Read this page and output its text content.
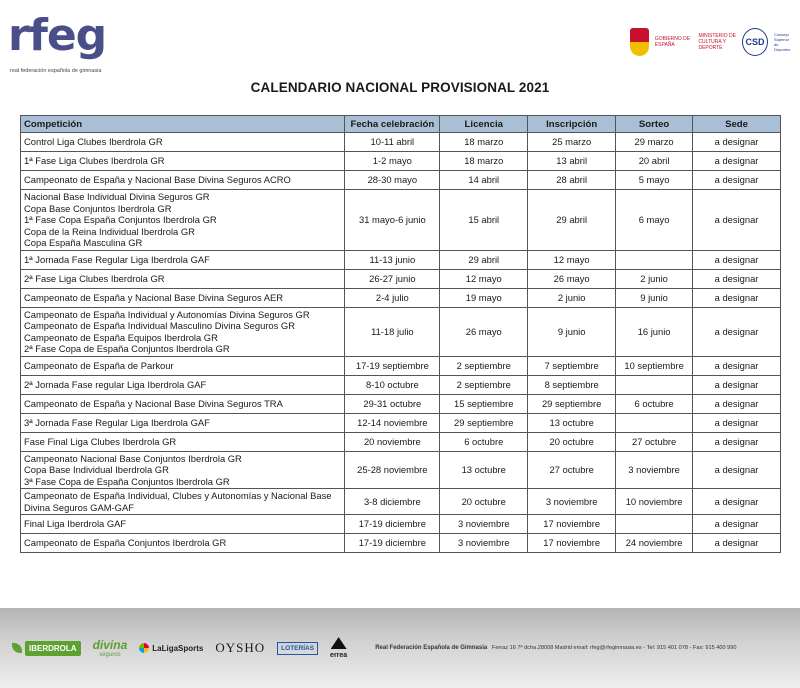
rfeg
real federación española de gimnasia
GOBIERNO DE ESPAÑA
MINISTERIO DE CULTURA Y DEPORTE
CSD
Consejo Superior de Deportes
CALENDARIO NACIONAL PROVISIONAL 2021
Competición	Fecha celebración	Licencia	Inscripción	Sorteo	Sede

Control Liga Clubes Iberdrola GR	10-11 abril	18 marzo	25 marzo	29 marzo	a designar

1ª Fase Liga Clubes Iberdrola GR	1-2 mayo	18 marzo	13 abril	20 abril	a designar

Campeonato de España y Nacional Base Divina Seguros ACRO	28-30 mayo	14 abril	28 abril	5 mayo	a designar

Nacional Base Individual Divina Seguros GR
Copa Base Conjuntos Iberdrola GR
1ª Fase Copa España Conjuntos Iberdrola GR
Copa de la Reina Individual Iberdrola GR
Copa España Masculina GR	31 mayo-6 junio	15 abril	29 abril	6 mayo	a designar

1ª Jornada Fase Regular Liga Iberdrola GAF	11-13 junio	29 abril	12 mayo		a designar

2ª Fase Liga Clubes Iberdrola GR	26-27 junio	12 mayo	26 mayo	2 junio	a designar

Campeonato de España y Nacional Base Divina Seguros AER	2-4 julio	19 mayo	2 junio	9 junio	a designar

Campeonato de España Individual y Autonomías Divina Seguros GR
Campeonato de España Individual Masculino Divina Seguros GR
Campeonato de España Equipos Iberdrola GR
2ª Fase Copa de España Conjuntos Iberdrola GR	11-18 julio	26 mayo	9 junio	16 junio	a designar

Campeonato de España de Parkour	17-19 septiembre	2 septiembre	7 septiembre	10 septiembre	a designar

2ª Jornada Fase regular Liga Iberdrola GAF	8-10 octubre	2 septiembre	8 septiembre		a designar

Campeonato de España y Nacional Base Divina Seguros TRA	29-31 octubre	15 septiembre	29 septiembre	6 octubre	a designar

3ª Jornada Fase Regular Liga Iberdrola GAF	12-14 noviembre	29 septiembre	13 octubre		a designar

Fase Final Liga Clubes Iberdrola GR	20 noviembre	6 octubre	20 octubre	27 octubre	a designar

Campeonato Nacional Base Conjuntos Iberdrola GR
Copa Base Individual Iberdrola GR
3ª Fase Copa de España Conjuntos Iberdrola GR	25-28 noviembre	13 octubre	27 octubre	3 noviembre	a designar

Campeonato de España Individual, Clubes y Autonomías y Nacional Base
Divina Seguros GAM-GAF	3-8 diciembre	20 octubre	3 noviembre	10 noviembre	a designar

Final Liga Iberdrola GAF	17-19 diciembre	3 noviembre	17 noviembre		a designar

Campeonato de España Conjuntos Iberdrola GR	17-19 diciembre	3 noviembre	17 noviembre	24 noviembre	a designar
IBERDROLA	divina
seguros
LaLigaSports OYSHO	LOTERÍAS
errea
Real Federación Española de Gimnasia Ferraz 16 7º dcha.28008 Madrid email: rfeg@rfegimnasia.es - Tel: 915 401 078 - Fax: 915 400 990
